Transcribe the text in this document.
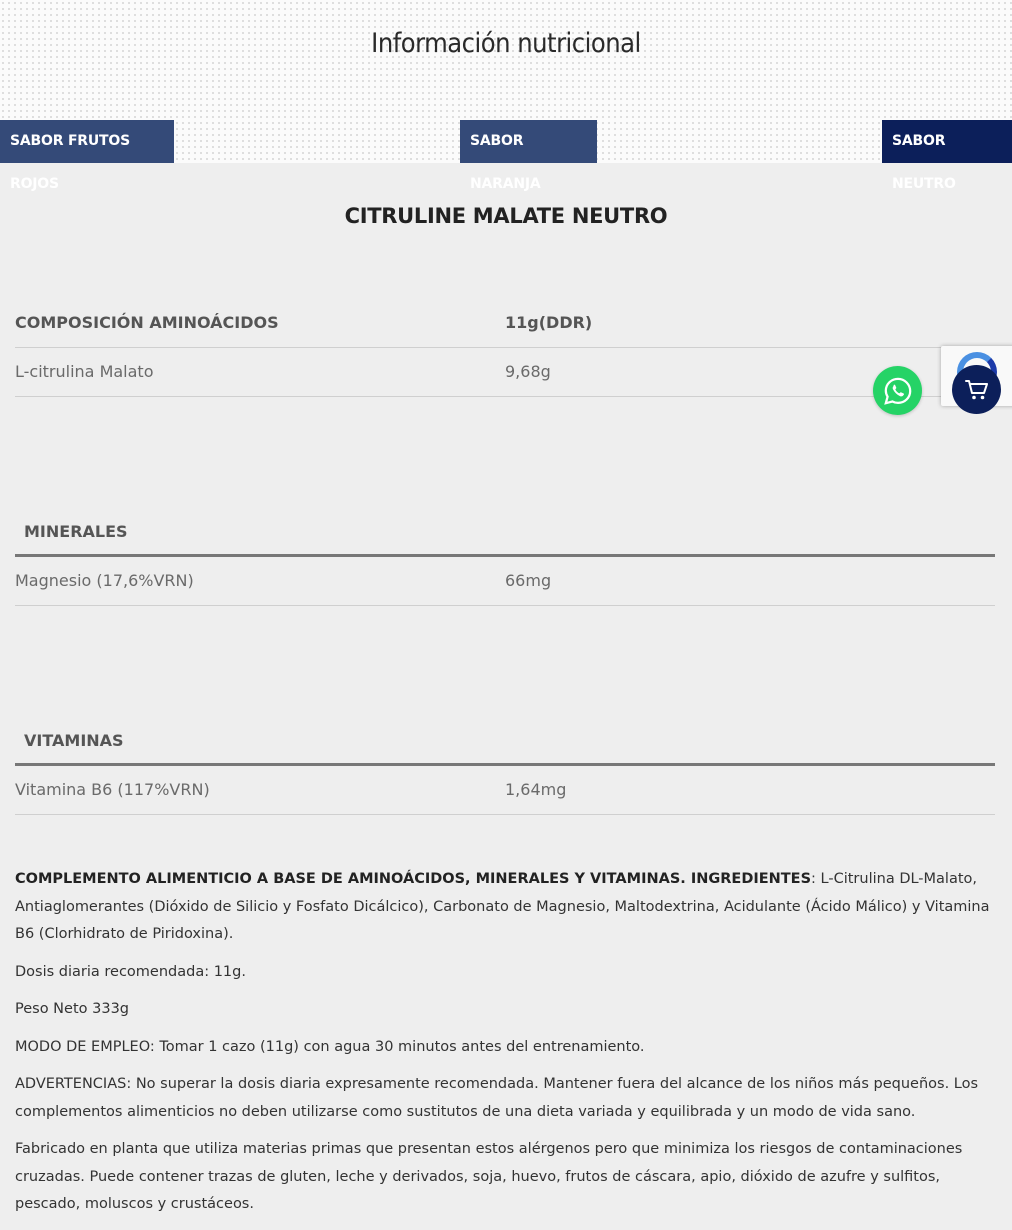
Información nutricional
SABOR FRUTOS ROJOS
SABOR NARANJA
SABOR NEUTRO
CITRULINE MALATE NEUTRO
COMPOSICIÓN AMINOÁCIDOS	11g(DDR)
L-citrulina Malato	9,68g
MINERALES
Magnesio (17,6%VRN)	66mg
VITAMINAS
Vitamina B6 (117%VRN)	1,64mg

COMPLEMENTO ALIMENTICIO A BASE DE AMINOÁCIDOS, MINERALES Y VITAMINAS. INGREDIENTES: L-Citrulina DL-Malato, Antiaglomerantes (Dióxido de Silicio y Fosfato Dicálcico), Carbonato de Magnesio, Maltodextrina, Acidulante (Ácido Málico) y Vitamina B6 (Clorhidrato de Piridoxina).

Dosis diaria recomendada: 11g.

Peso Neto 333g

MODO DE EMPLEO: Tomar 1 cazo (11g) con agua 30 minutos antes del entrenamiento.

ADVERTENCIAS: No superar la dosis diaria expresamente recomendada. Mantener fuera del alcance de los niños más pequeños. Los complementos alimenticios no deben utilizarse como sustitutos de una dieta variada y equilibrada y un modo de vida sano.

Fabricado en planta que utiliza materias primas que presentan estos alérgenos pero que minimiza los riesgos de contaminaciones cruzadas. Puede contener trazas de gluten, leche y derivados, soja, huevo, frutos de cáscara, apio, dióxido de azufre y sulfitos, pescado, moluscos y crustáceos.
